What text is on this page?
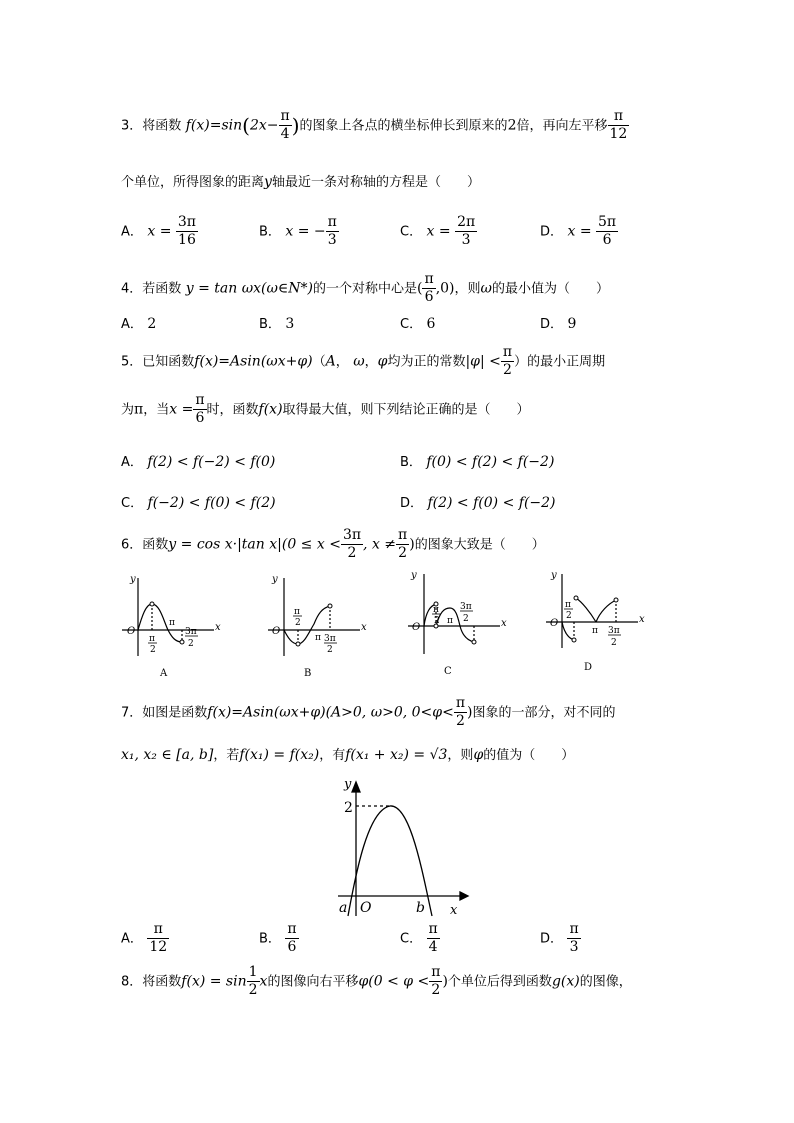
3．将函数 $f(x)=\sin(2x- \frac{\pi}{4}$ )的图象上各点的横坐标伸长到原来的2倍，再向左平移 $\frac{\pi}{12}$
个单位，所得图象的距离y轴最近一条对称轴的方程是（　　）
A． $x = \frac{3\pi}{16}$	B． x = − $\frac{\pi}{3}$	C． $x = \frac{2\pi}{3}$	D． $x = \frac{5\pi}{6}$
4．若函数 y = tan ωx(ω∈N*)的一个对称中心是( $\frac{\pi}{6} ,0$)，则ω的最小值为（　　）
A． 2	B． 3	C． 6	D． 9
5．已知函数f(x)=Asin(ωx+φ)（A， ω，φ均为正的常数$|\varphi| < \frac{\pi}{2}$ ）的最小正周期
为π，当$x = \frac{\pi}{6}$ 时，函数f(x)取得最大值，则下列结论正确的是（　　）
A． f(2) < f(−2) < f(0)	B． f(0) < f(2) < f(−2)
C． f(−2) < f(0) < f(2)	D． f(2) < f(0) < f(−2)
6．函数y = cos x·|tan $x|(0 \le x < \frac{3\pi}{2}$ , $x \ne \frac{\pi}{2}$ )的图象大致是（　　）
y
x
O
π
2
π
3π
2
A
y
x
O
π
2
π 3π
2
B
y
x
O
π
2 π
3π
2
C
y
x
O
π
2
π 3π
2
D
7．如图是函数f(x)=Asin(ωx+φ)(A>0, ω>0, $0<\varphi< \frac{\pi}{2}$ )图象的一部分，对不同的
x₁, x₂ ∈ [a, b]，若f(x₁) = f(x₂)，有f(x₁ + x₂) = √3，则φ的值为（　　）
y
x
2
a O	b
A． $\frac{\pi}{12}$	B． $\frac{\pi}{6}$	C． $\frac{\pi}{4}$	D． $\frac{\pi}{3}$
8．将函数$f(x) = \sin \frac{1}{2}$ x的图像向右平移$\varphi(0 < \varphi < \frac{\pi}{2}$ )个单位后得到函数g(x)的图像，
